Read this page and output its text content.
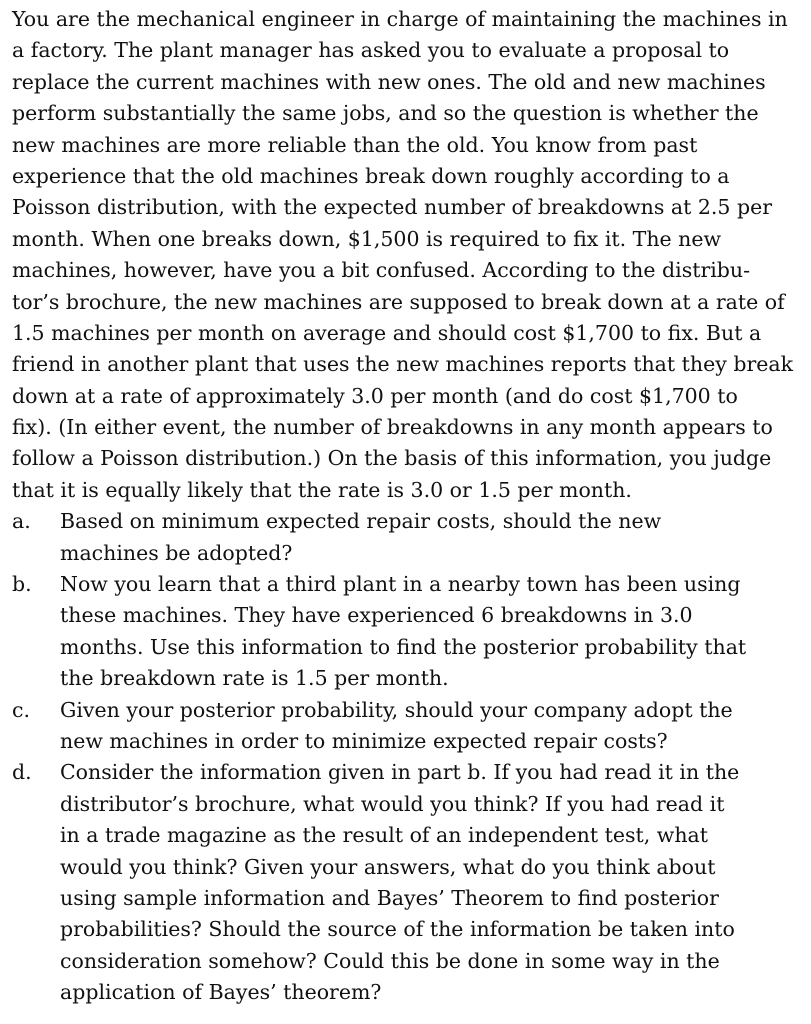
You are the mechanical engineer in charge of maintaining the machines in
a factory. The plant manager has asked you to evaluate a proposal to
replace the current machines with new ones. The old and new machines
perform substantially the same jobs, and so the question is whether the
new machines are more reliable than the old. You know from past
experience that the old machines break down roughly according to a
Poisson distribution, with the expected number of breakdowns at 2.5 per
month. When one breaks down, $1,500 is required to fix it. The new
machines, however, have you a bit confused. According to the distribu-
tor’s brochure, the new machines are supposed to break down at a rate of
1.5 machines per month on average and should cost $1,700 to fix. But a
friend in another plant that uses the new machines reports that they break
down at a rate of approximately 3.0 per month (and do cost $1,700 to
fix). (In either event, the number of breakdowns in any month appears to
follow a Poisson distribution.) On the basis of this information, you judge
that it is equally likely that the rate is 3.0 or 1.5 per month.
a.	Based on minimum expected repair costs, should the new
machines be adopted?
b.	Now you learn that a third plant in a nearby town has been using
these machines. They have experienced 6 breakdowns in 3.0
months. Use this information to find the posterior probability that
the breakdown rate is 1.5 per month.
c.	Given your posterior probability, should your company adopt the
new machines in order to minimize expected repair costs?
d.	Consider the information given in part b. If you had read it in the
distributor’s brochure, what would you think? If you had read it
in a trade magazine as the result of an independent test, what
would you think? Given your answers, what do you think about
using sample information and Bayes’ Theorem to find posterior
probabilities? Should the source of the information be taken into
consideration somehow? Could this be done in some way in the
application of Bayes’ theorem?
